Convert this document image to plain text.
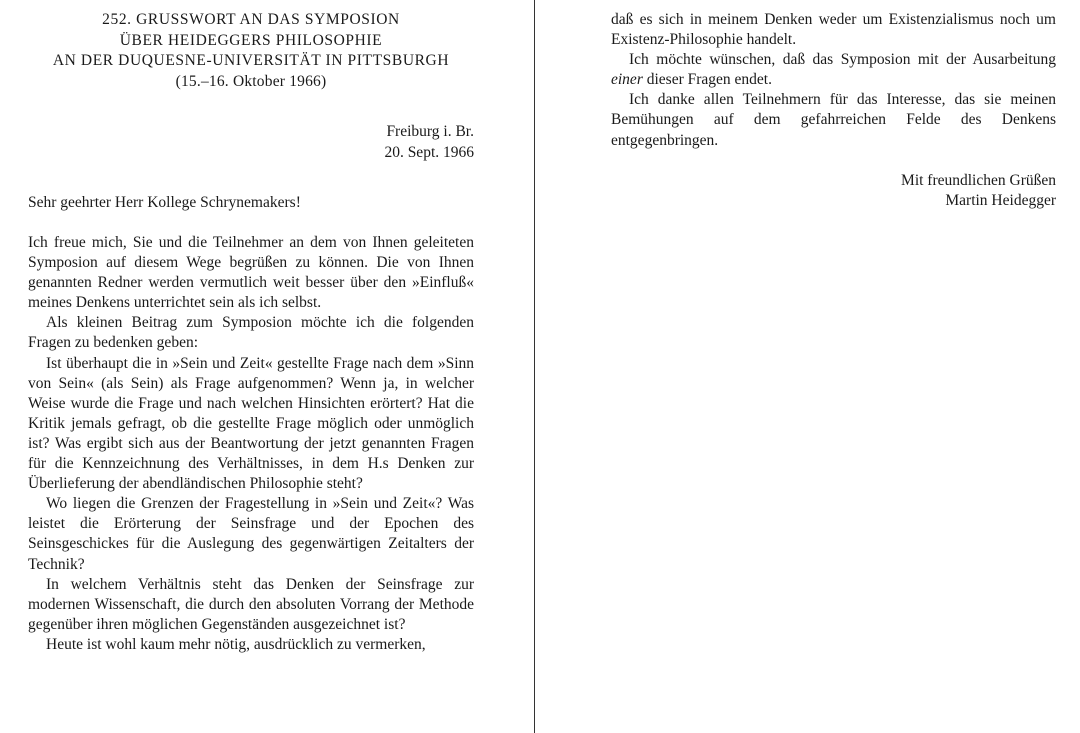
252. GRUSSWORT AN DAS SYMPOSION
ÜBER HEIDEGGERS PHILOSOPHIE
AN DER DUQUESNE-UNIVERSITÄT IN PITTSBURGH
(15.–16. Oktober 1966)
Freiburg i. Br.
20. Sept. 1966
Sehr geehrter Herr Kollege Schrynemakers!

Ich freue mich, Sie und die Teilnehmer an dem von Ihnen geleiteten Symposion auf diesem Wege begrüßen zu können. Die von Ihnen genannten Redner werden vermutlich weit besser über den »Einfluß« meines Denkens unterrichtet sein als ich selbst.

Als kleinen Beitrag zum Symposion möchte ich die folgenden Fragen zu bedenken geben:

Ist überhaupt die in »Sein und Zeit« gestellte Frage nach dem »Sinn von Sein« (als Sein) als Frage aufgenommen? Wenn ja, in welcher Weise wurde die Frage und nach welchen Hinsichten erörtert? Hat die Kritik jemals gefragt, ob die gestellte Frage möglich oder unmöglich ist? Was ergibt sich aus der Beantwortung der jetzt genannten Fragen für die Kennzeichnung des Verhältnisses, in dem H.s Denken zur Überlieferung der abendländischen Philosophie steht?

Wo liegen die Grenzen der Fragestellung in »Sein und Zeit«? Was leistet die Erörterung der Seinsfrage und der Epochen des Seinsgeschickes für die Auslegung des gegenwärtigen Zeitalters der Technik?

In welchem Verhältnis steht das Denken der Seinsfrage zur modernen Wissenschaft, die durch den absoluten Vorrang der Methode gegenüber ihren möglichen Gegenständen ausgezeichnet ist?

Heute ist wohl kaum mehr nötig, ausdrücklich zu vermerken,

daß es sich in meinem Denken weder um Existenzialismus noch um Existenz-Philosophie handelt.

Ich möchte wünschen, daß das Symposion mit der Ausarbeitung einer dieser Fragen endet.

Ich danke allen Teilnehmern für das Interesse, das sie meinen Bemühungen auf dem gefahrreichen Felde des Denkens entgegenbringen.

Mit freundlichen Grüßen
Martin Heidegger
